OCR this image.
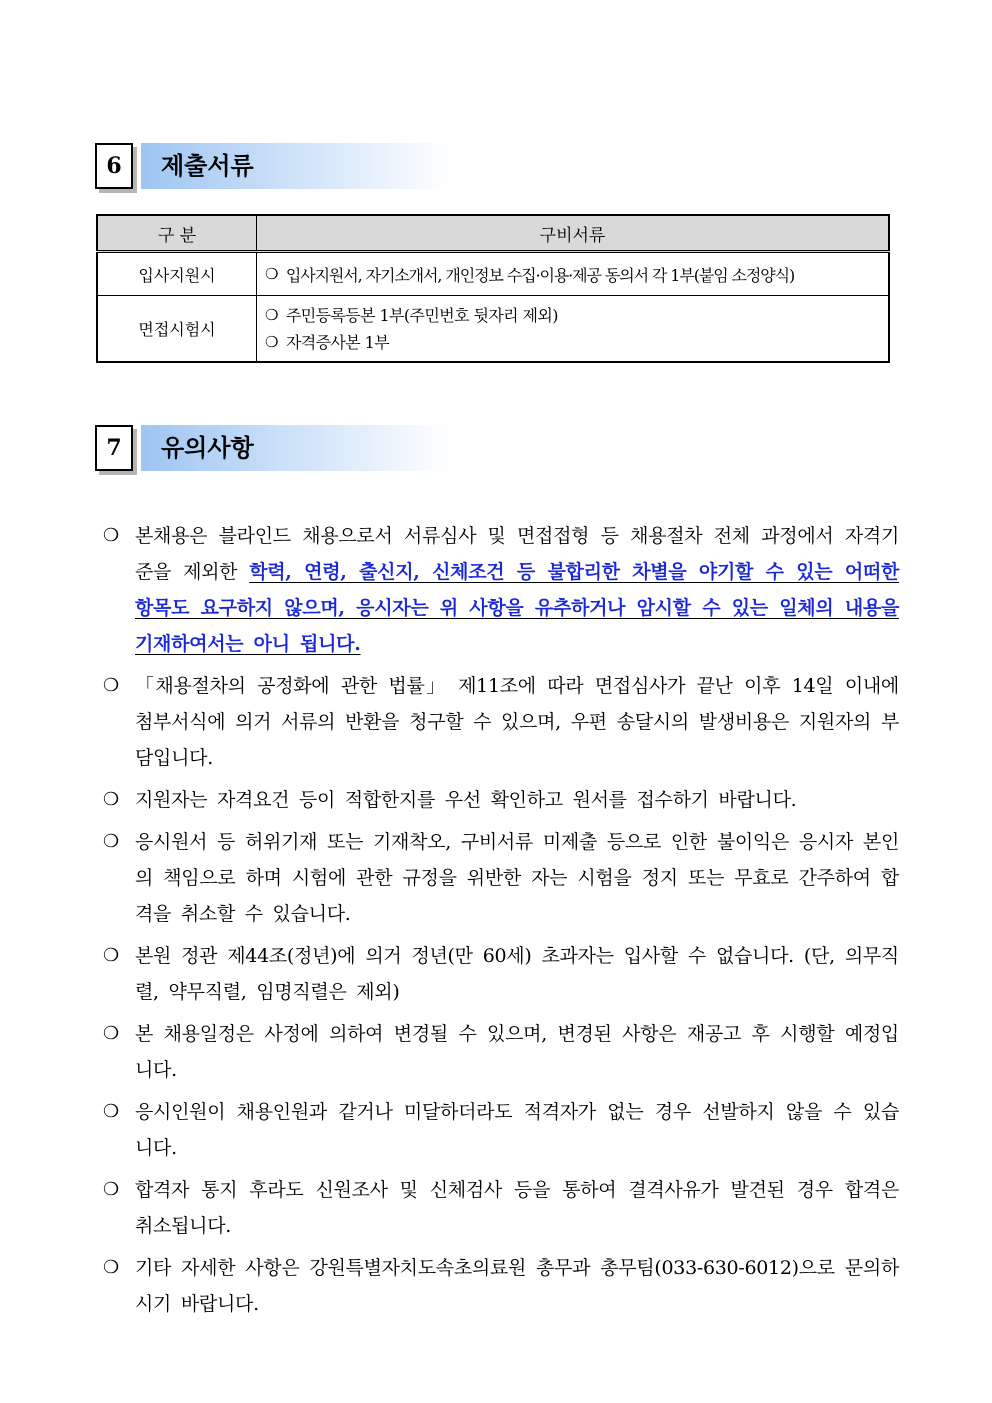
6	제출서류
구 분	구비서류
입사지원시	❍ 입사지원서, 자기소개서, 개인정보 수집·이용·제공 동의서 각 1부(붙임 소정양식)

면접시험시	❍ 주민등록등본 1부(주민번호 뒷자리 제외)
❍ 자격증사본 1부
7	유의사항
❍ 본채용은 블라인드 채용으로서 서류심사 및 면접접형 등 채용절차 전체 과정에서 자격기준을 제외한 학력, 연령, 출신지, 신체조건 등 불합리한 차별을 야기할 수 있는 어떠한 항목도 요구하지 않으며, 응시자는 위 사항을 유추하거나 암시할 수 있는 일체의 내용을 기재하여서는 아니 됩니다.
❍ 「채용절차의 공정화에 관한 법률」 제11조에 따라 면접심사가 끝난 이후 14일 이내에 첨부서식에 의거 서류의 반환을 청구할 수 있으며, 우편 송달시의 발생비용은 지원자의 부담입니다.
❍ 지원자는 자격요건 등이 적합한지를 우선 확인하고 원서를 접수하기 바랍니다.
❍ 응시원서 등 허위기재 또는 기재착오, 구비서류 미제출 등으로 인한 불이익은 응시자 본인의 책임으로 하며 시험에 관한 규정을 위반한 자는 시험을 정지 또는 무효로 간주하여 합격을 취소할 수 있습니다.
❍ 본원 정관 제44조(정년)에 의거 정년(만 60세) 초과자는 입사할 수 없습니다. (단, 의무직렬, 약무직렬, 임명직렬은 제외)
❍ 본 채용일정은 사정에 의하여 변경될 수 있으며, 변경된 사항은 재공고 후 시행할 예정입니다.
❍ 응시인원이 채용인원과 같거나 미달하더라도 적격자가 없는 경우 선발하지 않을 수 있습니다.
❍ 합격자 통지 후라도 신원조사 및 신체검사 등을 통하여 결격사유가 발견된 경우 합격은 취소됩니다.
❍ 기타 자세한 사항은 강원특별자치도속초의료원 총무과 총무팀(033-630-6012)으로 문의하시기 바랍니다.
